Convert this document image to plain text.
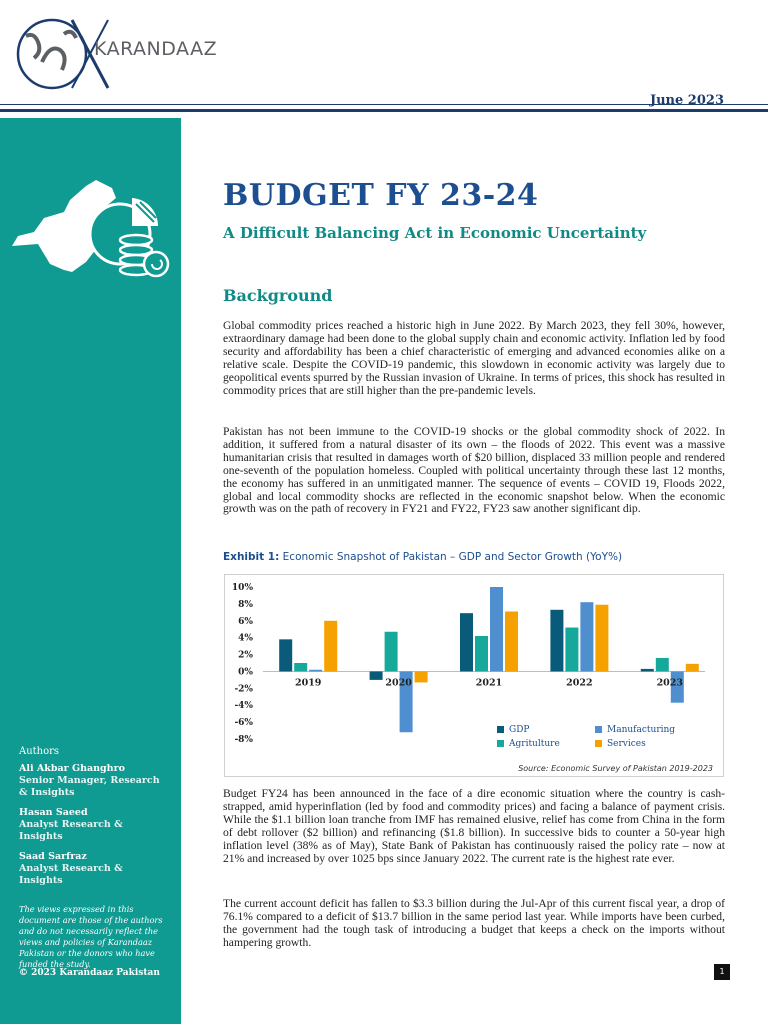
KARANDAAZ
June 2023
Authors
Ali Akbar Ghanghro
Senior Manager, Research & Insights
Hasan Saeed
Analyst Research & Insights
Saad Sarfraz
Analyst Research & Insights
The views expressed in this document are those of the authors and do not necessarily reflect the views and policies of Karandaaz Pakistan or the donors who have funded the study.
© 2023 Karandaaz Pakistan
BUDGET FY 23-24
A Difficult Balancing Act in Economic Uncertainty
Background

Global commodity prices reached a historic high in June 2022. By March 2023, they fell 30%, however, extraordinary damage had been done to the global supply chain and economic activity. Inflation led by food security and affordability has been a chief characteristic of emerging and advanced economies alike on a relative scale. Despite the COVID-19 pandemic, this slowdown in economic activity was largely due to geopolitical events spurred by the Russian invasion of Ukraine. In terms of prices, this shock has resulted in commodity prices that are still higher than the pre-pandemic levels.

Pakistan has not been immune to the COVID-19 shocks or the global commodity shock of 2022. In addition, it suffered from a natural disaster of its own – the floods of 2022. This event was a massive humanitarian crisis that resulted in damages worth of $20 billion, displaced 33 million people and rendered one-seventh of the population homeless. Coupled with political uncertainty through these last 12 months, the economy has suffered in an unmitigated manner. The sequence of events – COVID 19, Floods 2022, global and local commodity shocks are reflected in the economic snapshot below. When the economic growth was on the path of recovery in FY21 and FY22, FY23 saw another significant dip.

Exhibit 1: Economic Snapshot of Pakistan – GDP and Sector Growth (YoY%)
10%
8%
6%
4%
2%
0%
-2%
-4%
-6%
-8%
2019	2020	2021	2022	2023
GDP	Manufacturing
Agritulture	Services
Source: Economic Survey of Pakistan 2019-2023

Budget FY24 has been announced in the face of a dire economic situation where the country is cash-strapped, amid hyperinflation (led by food and commodity prices) and facing a balance of payment crisis. While the $1.1 billion loan tranche from IMF has remained elusive, relief has come from China in the form of debt rollover ($2 billion) and refinancing ($1.8 billion). In successive bids to counter a 50-year high inflation level (38% as of May), State Bank of Pakistan has continuously raised the policy rate – now at 21% and increased by over 1025 bps since January 2022. The current rate is the highest rate ever.

The current account deficit has fallen to $3.3 billion during the Jul-Apr of this current fiscal year, a drop of 76.1% compared to a deficit of $13.7 billion in the same period last year. While imports have been curbed, the government had the tough task of introducing a budget that keeps a check on the imports without hampering growth.

1
